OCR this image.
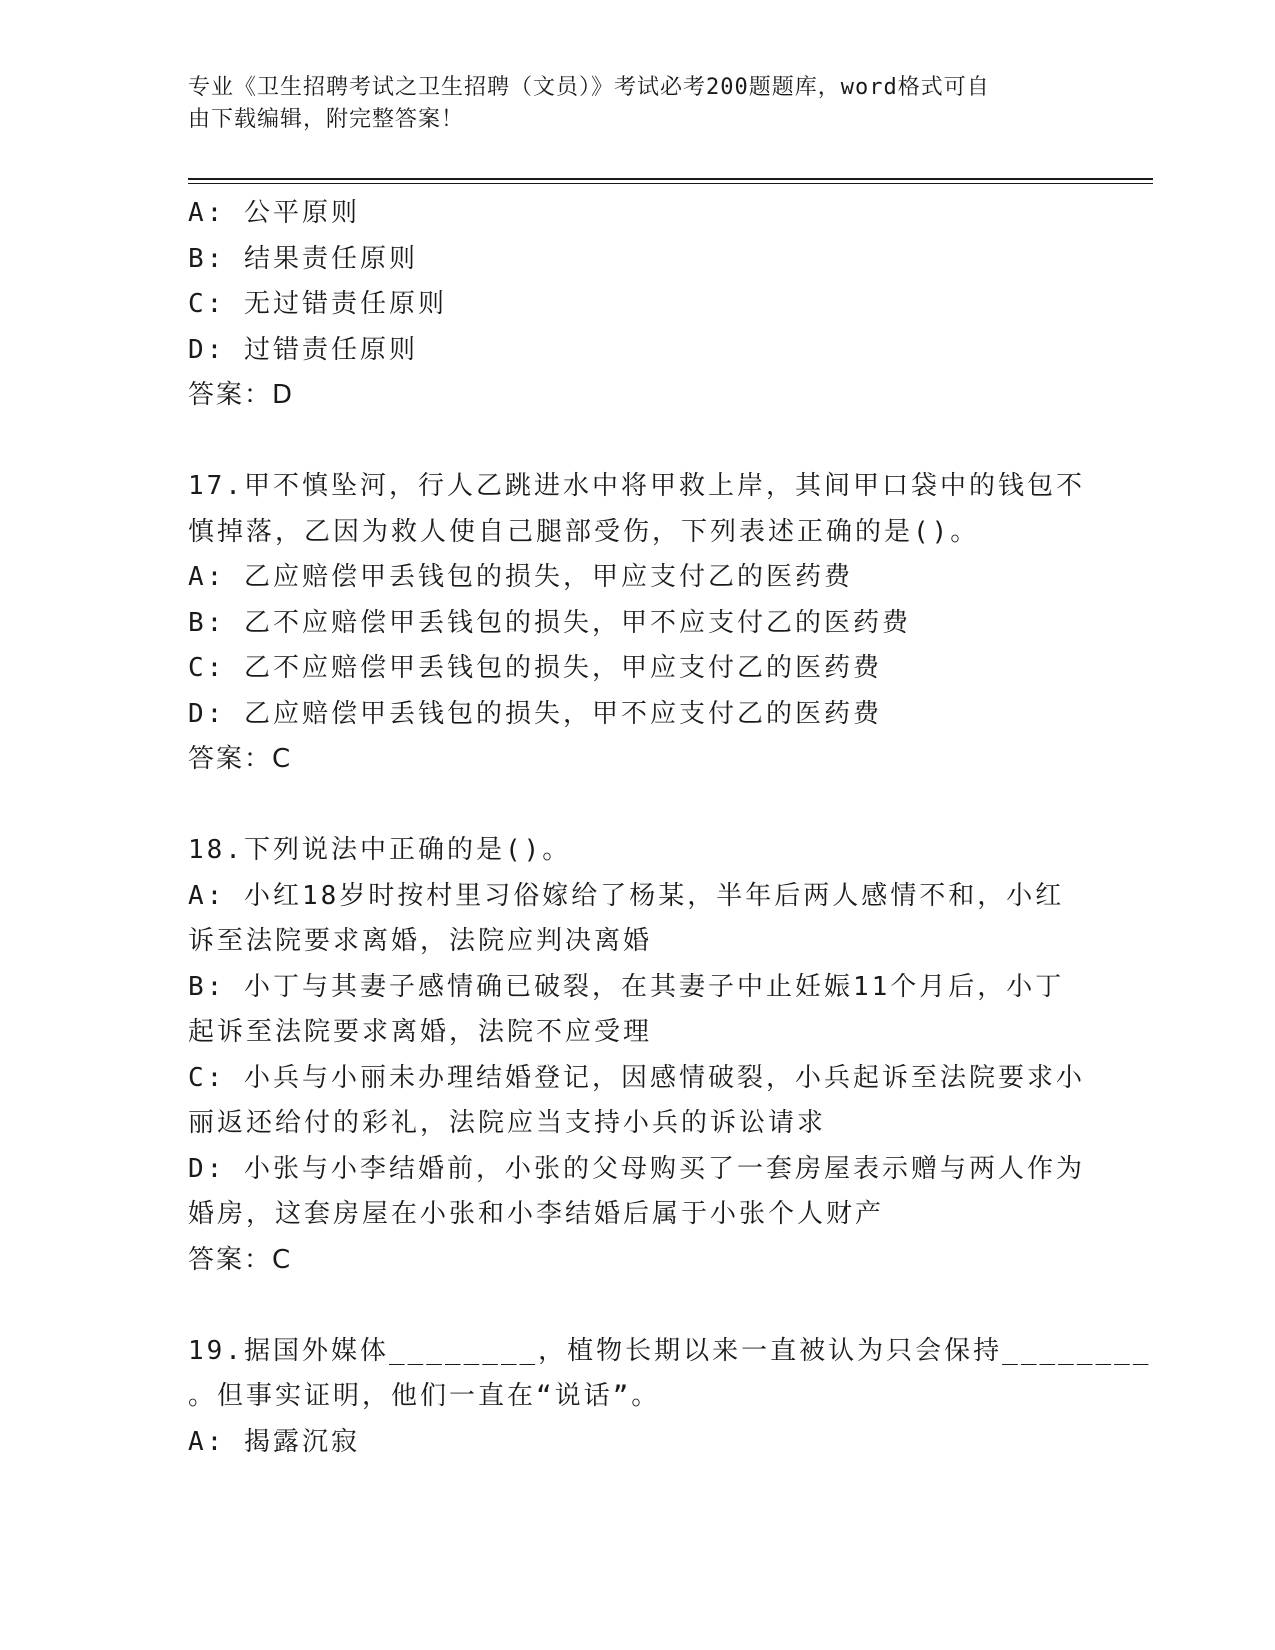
专业《卫生招聘考试之卫生招聘（文员）》考试必考200题题库，word格式可自
由下载编辑，附完整答案！
A: 公平原则
B: 结果责任原则
C: 无过错责任原则
D: 过错责任原则
答案：D
17.甲不慎坠河，行人乙跳进水中将甲救上岸，其间甲口袋中的钱包不
慎掉落，乙因为救人使自己腿部受伤，下列表述正确的是()。
A: 乙应赔偿甲丢钱包的损失，甲应支付乙的医药费
B: 乙不应赔偿甲丢钱包的损失，甲不应支付乙的医药费
C: 乙不应赔偿甲丢钱包的损失，甲应支付乙的医药费
D: 乙应赔偿甲丢钱包的损失，甲不应支付乙的医药费
答案：C
18.下列说法中正确的是()。
A: 小红18岁时按村里习俗嫁给了杨某，半年后两人感情不和，小红
诉至法院要求离婚，法院应判决离婚
B: 小丁与其妻子感情确已破裂，在其妻子中止妊娠11个月后，小丁
起诉至法院要求离婚，法院不应受理
C: 小兵与小丽未办理结婚登记，因感情破裂，小兵起诉至法院要求小
丽返还给付的彩礼，法院应当支持小兵的诉讼请求
D: 小张与小李结婚前，小张的父母购买了一套房屋表示赠与两人作为
婚房，这套房屋在小张和小李结婚后属于小张个人财产
答案：C
19.据国外媒体________，植物长期以来一直被认为只会保持________
。但事实证明，他们一直在“说话”。
A: 揭露沉寂
